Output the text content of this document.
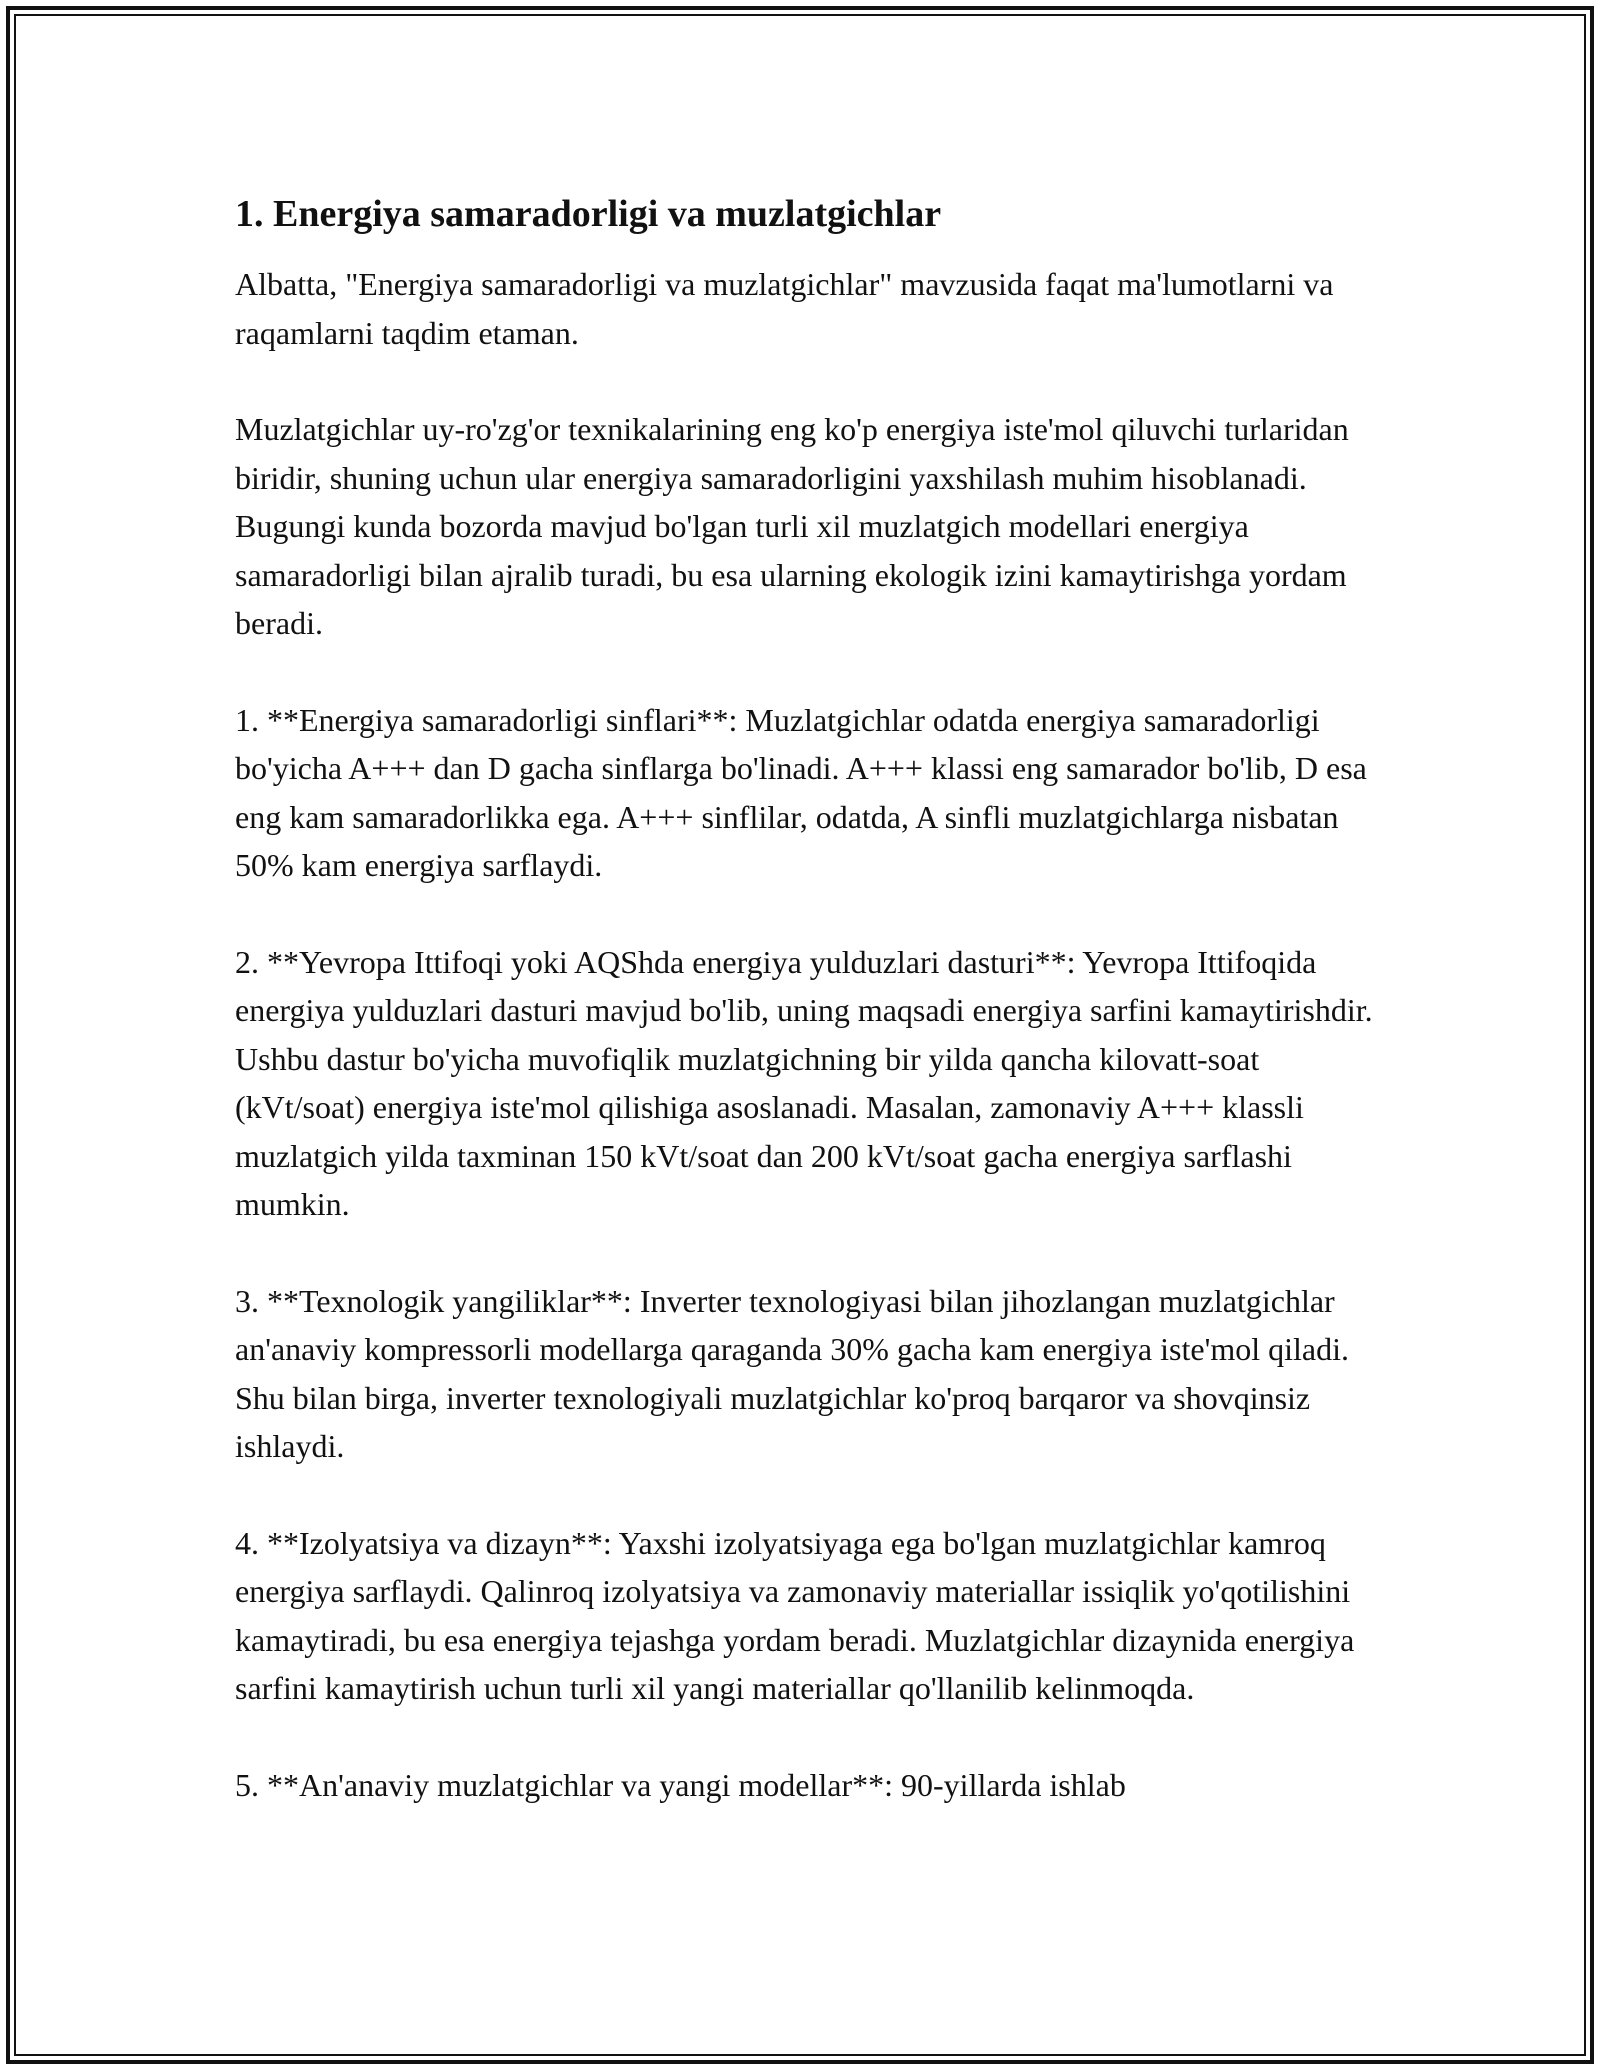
1. Energiya samaradorligi va muzlatgichlar

Albatta, "Energiya samaradorligi va muzlatgichlar" mavzusida faqat ma'lumotlarni va raqamlarni taqdim etaman.

Muzlatgichlar uy-ro'zg'or texnikalarining eng ko'p energiya iste'mol qiluvchi turlaridan biridir, shuning uchun ular energiya samaradorligini yaxshilash muhim hisoblanadi. Bugungi kunda bozorda mavjud bo'lgan turli xil muzlatgich modellari energiya samaradorligi bilan ajralib turadi, bu esa ularning ekologik izini kamaytirishga yordam beradi.

1. **Energiya samaradorligi sinflari**: Muzlatgichlar odatda energiya samaradorligi bo'yicha A+++ dan D gacha sinflarga bo'linadi. A+++ klassi eng samarador bo'lib, D esa eng kam samaradorlikka ega. A+++ sinflilar, odatda, A sinfli muzlatgichlarga nisbatan 50% kam energiya sarflaydi.

2. **Yevropa Ittifoqi yoki AQShda energiya yulduzlari dasturi**: Yevropa Ittifoqida energiya yulduzlari dasturi mavjud bo'lib, uning maqsadi energiya sarfini kamaytirishdir. Ushbu dastur bo'yicha muvofiqlik muzlatgichning bir yilda qancha kilovatt-soat (kVt/soat) energiya iste'mol qilishiga asoslanadi. Masalan, zamonaviy A+++ klassli muzlatgich yilda taxminan 150 kVt/soat dan 200 kVt/soat gacha energiya sarflashi mumkin.

3. **Texnologik yangiliklar**: Inverter texnologiyasi bilan jihozlangan muzlatgichlar an'anaviy kompressorli modellarga qaraganda 30% gacha kam energiya iste'mol qiladi. Shu bilan birga, inverter texnologiyali muzlatgichlar ko'proq barqaror va shovqinsiz ishlaydi.

4. **Izolyatsiya va dizayn**: Yaxshi izolyatsiyaga ega bo'lgan muzlatgichlar kamroq energiya sarflaydi. Qalinroq izolyatsiya va zamonaviy materiallar issiqlik yo'qotilishini kamaytiradi, bu esa energiya tejashga yordam beradi. Muzlatgichlar dizaynida energiya sarfini kamaytirish uchun turli xil yangi materiallar qo'llanilib kelinmoqda.

5. **An'anaviy muzlatgichlar va yangi modellar**: 90-yillarda ishlab
